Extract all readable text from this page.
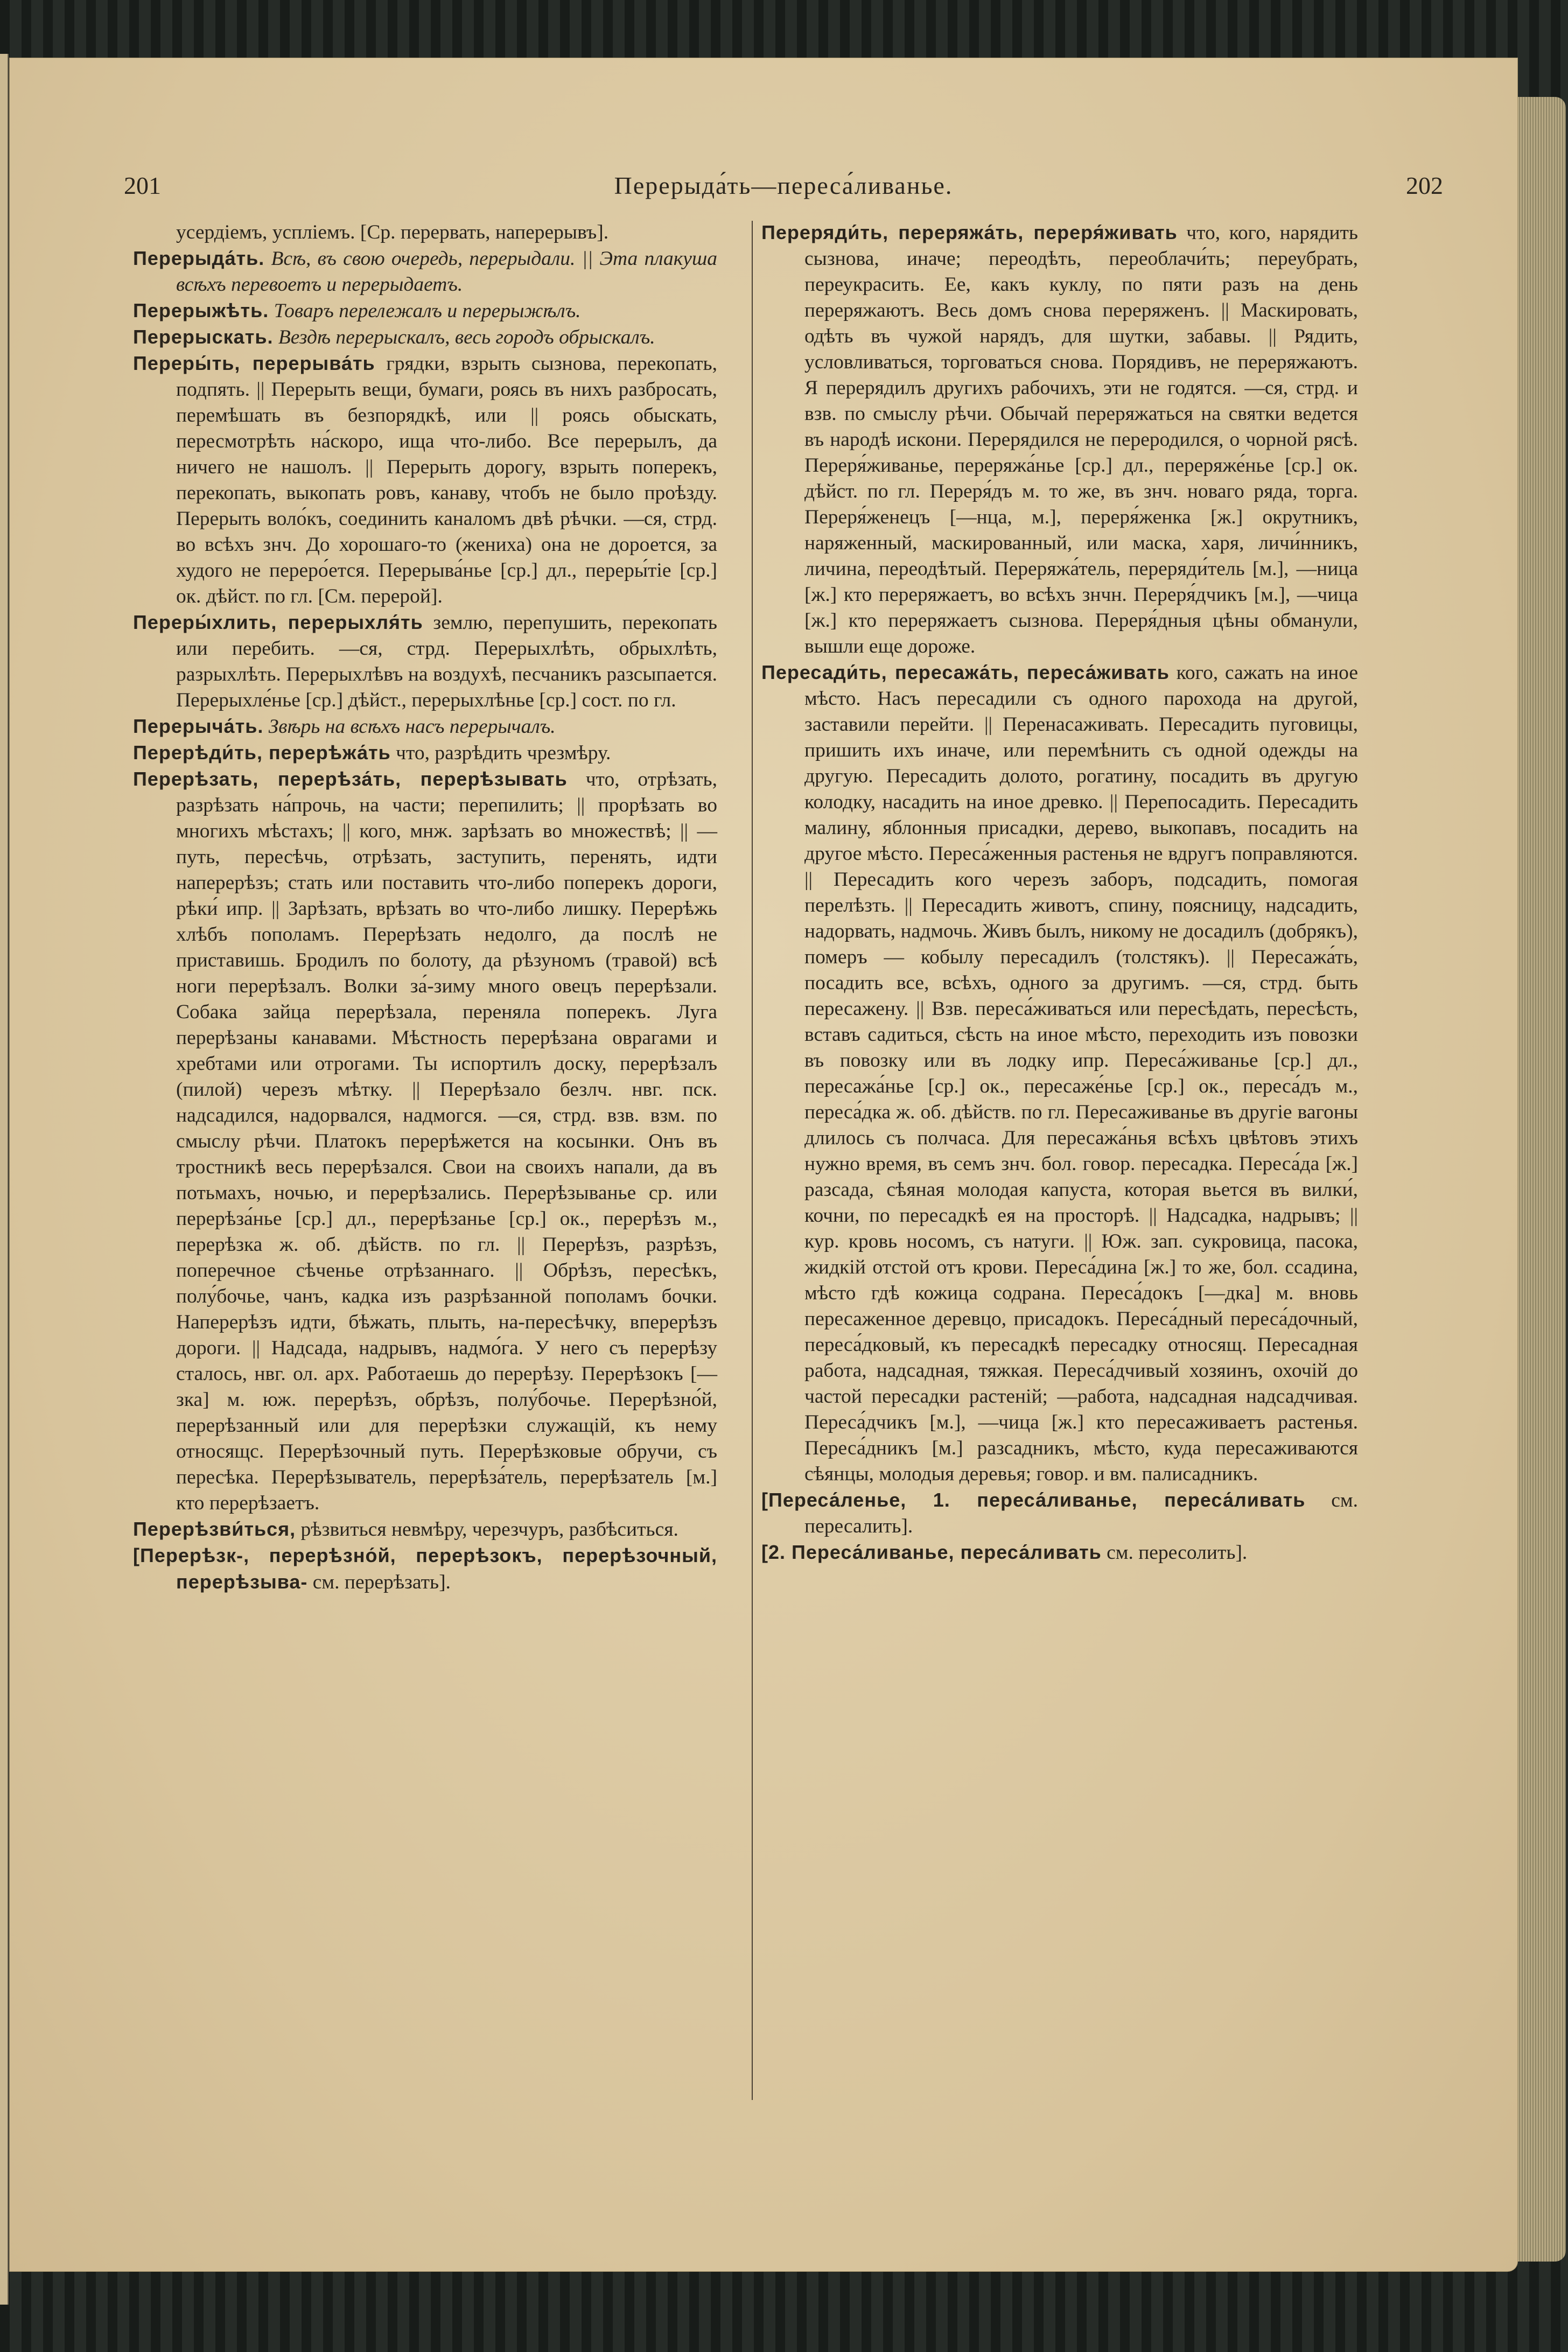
201	Перерыда́ть—переса́ливанье.	202

усердіемъ, успліемъ. [Ср. перервать, наперерывъ].

Перерыда́ть. Вcѣ, въ свою очередь, перерыдали. || Эта плакуша всѣхъ перевоетъ и перерыдаетъ.

Перерыжѣть. Товаръ перележалъ и перерыжѣлъ.

Перерыскать. Вездѣ перерыскалъ, весь городъ обрыскалъ.

Переры́ть, перерыва́ть грядки, взрыть сызнова, перекопать, подпять. || Перерыть вещи, бумаги, роясь въ нихъ разбросать, перемѣшать въ безпорядкѣ, или || роясь обыскать, пересмотрѣть на́скоро, ища что-либо. Все перерылъ, да ничего не нашолъ. || Перерыть дорогу, взрыть поперекъ, перекопать, выкопать ровъ, канаву, чтобъ не было проѣзду. Перерыть воло́къ, соединить каналомъ двѣ рѣчки. —ся, стрд. во всѣхъ знч. До хорошаго-то (жениха) она не дороется, за худого не переро́ется. Перерыва́нье [ср.] дл., переры́тіе [ср.] ок. дѣйст. по гл. [См. перерой].

Переры́хлить, перерыхля́ть землю, перепушить, перекопать или перебить. —ся, стрд. Перерыхлѣть, обрыхлѣть, разрыхлѣть. Перерыхлѣвъ на воздухѣ, песчаникъ разсыпается. Перерыхле́нье [ср.] дѣйст., перерыхлѣнье [ср.] сост. по гл.

Перерыча́ть. Звѣрь на всѣхъ насъ перерычалъ.

Перерѣди́ть, перерѣжа́ть что, разрѣдить чрезмѣру.

Перерѣзать, перерѣза́ть, перерѣзывать что, отрѣзать, разрѣзать на́прочь, на части; перепилить; || прорѣзать во многихъ мѣстахъ; || кого, мнж. зарѣзать во множествѣ; || —путь, пересѣчь, отрѣзать, заступить, перенять, идти наперерѣзъ; стать или поставить что-либо поперекъ дороги, рѣки́ ипр. || Зарѣзать, врѣзать во что-либо лишку. Перерѣжь хлѣбъ пополамъ. Перерѣзать недолго, да послѣ не приставишь. Бродилъ по болоту, да рѣзуномъ (травой) всѣ ноги перерѣзалъ. Волки за́-зиму много овецъ перерѣзали. Собака зайца перерѣзала, переняла поперекъ. Луга перерѣзаны канавами. Мѣстность перерѣзана оврагами и хребтами или отрогами. Ты испортилъ доску, перерѣзалъ (пилой) черезъ мѣтку. || Перерѣзало безлч. нвг. пск. надсадился, надорвался, надмогся. —ся, стрд. взв. взм. по смыслу рѣчи. Платокъ перерѣжется на косынки. Онъ въ тростникѣ весь перерѣзался. Свои на своихъ напали, да въ потьмахъ, ночью, и перерѣзались. Перерѣзыванье ср. или перерѣза́нье [ср.] дл., перерѣзанье [ср.] ок., перерѣзъ м., перерѣзка ж. об. дѣйств. по гл. || Перерѣзъ, разрѣзъ, поперечное сѣченье отрѣзаннаго. || Обрѣзъ, пересѣкъ, полу́бочье, чанъ, кадка изъ разрѣзанной пополамъ бочки. Наперерѣзъ идти, бѣжать, плыть, на-пересѣчку, вперерѣзъ дороги. || Надсада, надрывъ, надмо́га. У него съ перерѣзу сталось, нвг. ол. арх. Работаешь до перерѣзу. Перерѣзокъ [—зка] м. юж. перерѣзъ, обрѣзъ, полу́бочье. Перерѣзно́й, перерѣзанный или для перерѣзки служащій, къ нему относящс. Перерѣзочный путь. Перерѣзковые обручи, съ пересѣка. Перерѣзыватель, перерѣза́тель, перерѣзатель [м.] кто перерѣзаетъ.

Перерѣзви́ться, рѣзвиться невмѣру, черезчуръ, разбѣситься.

[Перерѣзк-, перерѣзно́й, перерѣзокъ, перерѣзочный, перерѣзыва- см. перерѣзать].

Переряди́ть, переряжа́ть, переря́живать что, кого, нарядить сызнова, иначе; переодѣть, переоблачи́ть; переубрать, переукрасить. Ее, какъ куклу, по пяти разъ на день переряжаютъ. Весь домъ снова переряженъ. || Маскировать, одѣть въ чужой нарядъ, для шутки, забавы. || Рядить, условливаться, торговаться снова. Порядивъ, не переряжаютъ. Я перерядилъ другихъ рабочихъ, эти не годятся. —ся, стрд. и взв. по смыслу рѣчи. Обычай переряжаться на святки ведется въ народѣ искони. Перерядился не переродился, о чорной рясѣ. Переря́живанье, переряжа́нье [ср.] дл., переряже́нье [ср.] ок. дѣйст. по гл. Переря́дъ м. то же, въ знч. новаго ряда, торга. Переря́женецъ [—нца, м.], переря́женка [ж.] окрутникъ, наряженный, маскированный, или маска, харя, личи́нникъ, личина, переодѣтый. Переряжа́тель, переряди́тель [м.], —ница [ж.] кто переряжаетъ, во всѣхъ знчн. Переря́дчикъ [м.], —чица [ж.] кто переряжаетъ сызнова. Переря́дныя цѣны обманули, вышли еще дороже.

Пересади́ть, пересажа́ть, переса́живать кого, сажать на иное мѣсто. Насъ пересадили съ одного парохода на другой, заставили перейти. || Перенасаживать. Пересадить пуговицы, пришить ихъ иначе, или перемѣнить съ одной одежды на другую. Пересадить долото, рогатину, посадить въ другую колодку, насадить на иное древко. || Перепосадить. Пересадить малину, яблонныя присадки, дерево, выкопавъ, посадить на другое мѣсто. Переса́женныя растенья не вдругъ поправляются. || Пересадить кого черезъ заборъ, подсадить, помогая перелѣзть. || Пересадить животъ, спину, поясницу, надсадить, надорвать, надмочь. Живъ былъ, никому не досадилъ (добрякъ), померъ — кобылу пересадилъ (толстякъ). || Пересажа́ть, посадить все, всѣхъ, одного за другимъ. —ся, стрд. быть пересажену. || Взв. переса́живаться или пересѣдать, пересѣсть, вставъ садиться, сѣсть на иное мѣсто, переходить изъ повозки въ повозку или въ лодку ипр. Переса́живанье [ср.] дл., пересажа́нье [ср.] ок., пересаже́нье [ср.] ок., переса́дъ м., переса́дка ж. об. дѣйств. по гл. Пересаживанье въ другіе вагоны длилось съ полчаса. Для пересажа́нья всѣхъ цвѣтовъ этихъ нужно время, въ семъ знч. бол. говор. пересадка. Переса́да [ж.] разсада, сѣяная молодая капуста, которая вьется въ вилки́, кочни, по пересадкѣ ея на просторѣ. || Надсадка, надрывъ; || кур. кровь носомъ, съ натуги. || Юж. зап. сукровица, пасока, жидкій отстой отъ крови. Переса́дина [ж.] то же, бол. ссадина, мѣсто гдѣ кожица содрана. Переса́докъ [—дка] м. вновь пересаженное деревцо, присадокъ. Переса́дный переса́дочный, переса́дковый, къ пересадкѣ пересадку относящ. Пересадная работа, надсадная, тяжкая. Переса́дчивый хозяинъ, охочій до частой пересадки растеній; —работа, надсадная надсадчивая. Переса́дчикъ [м.], —чица [ж.] кто пересаживаетъ растенья. Переса́дникъ [м.] разсадникъ, мѣсто, куда пересаживаются сѣянцы, молодыя деревья; говор. и вм. палисадникъ.

[Переса́ленье, 1. переса́ливанье, переса́ливать см. пересалить].

[2. Переса́ливанье, переса́ливать см. пересолить].
